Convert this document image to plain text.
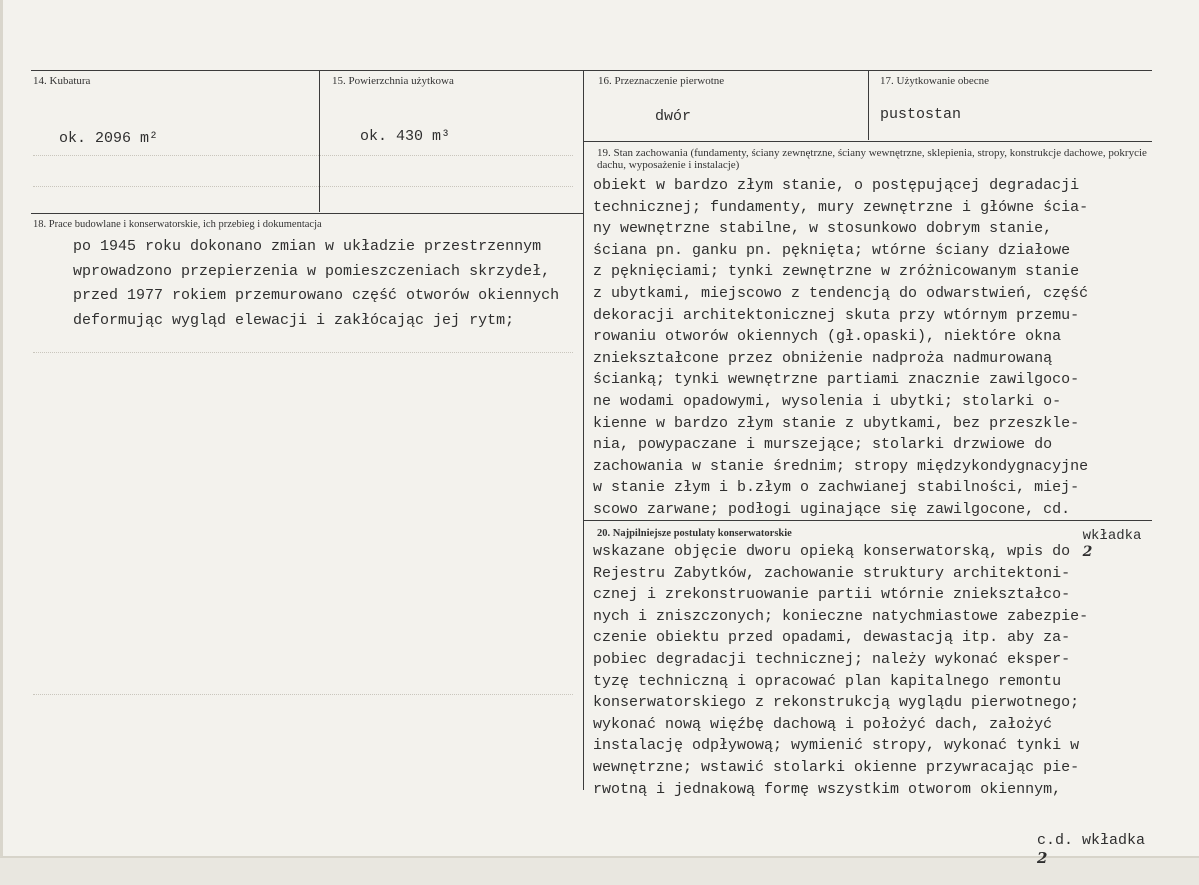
14. Kubatura
ok. 2096 m²
15. Powierzchnia użytkowa
ok. 430 m³
16. Przeznaczenie pierwotne
dwór
17. Użytkowanie obecne
pustostan
18. Prace budowlane i konserwatorskie, ich przebieg i dokumentacja
po 1945 roku dokonano zmian w układzie przestrzennym
wprowadzono przepierzenia w pomieszczeniach skrzydeł,
przed 1977 rokiem przemurowano część otworów okiennych
deformując wygląd elewacji i zakłócając jej rytm;
19. Stan zachowania (fundamenty, ściany zewnętrzne, ściany wewnętrzne, sklepienia, stropy, konstrukcje dachowe, pokrycie dachu, wyposażenie i instalacje)
obiekt w bardzo złym stanie, o postępującej degradacji
technicznej; fundamenty, mury zewnętrzne i główne ścia-
ny wewnętrzne stabilne, w stosunkowo dobrym stanie,
ściana pn. ganku pn. pęknięta; wtórne ściany działowe
z pęknięciami; tynki zewnętrzne w zróżnicowanym stanie
z ubytkami, miejscowo z tendencją do odwarstwień, część
dekoracji architektonicznej skuta przy wtórnym przemu-
rowaniu otworów okiennych (gł.opaski), niektóre okna
zniekształcone przez obniżenie nadproża nadmurowaną
ścianką; tynki wewnętrzne partiami znacznie zawilgoco-
ne wodami opadowymi, wysolenia i ubytki; stolarki o-
kienne w bardzo złym stanie z ubytkami, bez przeszkle-
nia, powypaczane i murszejące; stolarki drzwiowe do
zachowania w stanie średnim; stropy międzykondygnacyjne
w stanie złym i b.złym o zachwianej stabilności, miej-
scowo zarwane; podłogi uginające się zawilgocone, cd.

wkładka
2

20. Najpilniejsze postulaty konserwatorskie
wskazane objęcie dworu opieką konserwatorską, wpis do
Rejestru Zabytków, zachowanie struktury architektoni-
cznej i zrekonstruowanie partii wtórnie zniekształco-
nych i zniszczonych; konieczne natychmiastowe zabezpie-
czenie obiektu przed opadami, dewastacją itp. aby za-
pobiec degradacji technicznej; należy wykonać eksper-
tyzę techniczną i opracować plan kapitalnego remontu
konserwatorskiego z rekonstrukcją wyglądu pierwotnego;
wykonać nową więźbę dachową i położyć dach, założyć
instalację odpływową; wymienić stropy, wykonać tynki w
wewnętrzne; wstawić stolarki okienne przywracając pie-
rwotną i jednakową formę wszystkim otworom okiennym,

c.d. wkładka
2
